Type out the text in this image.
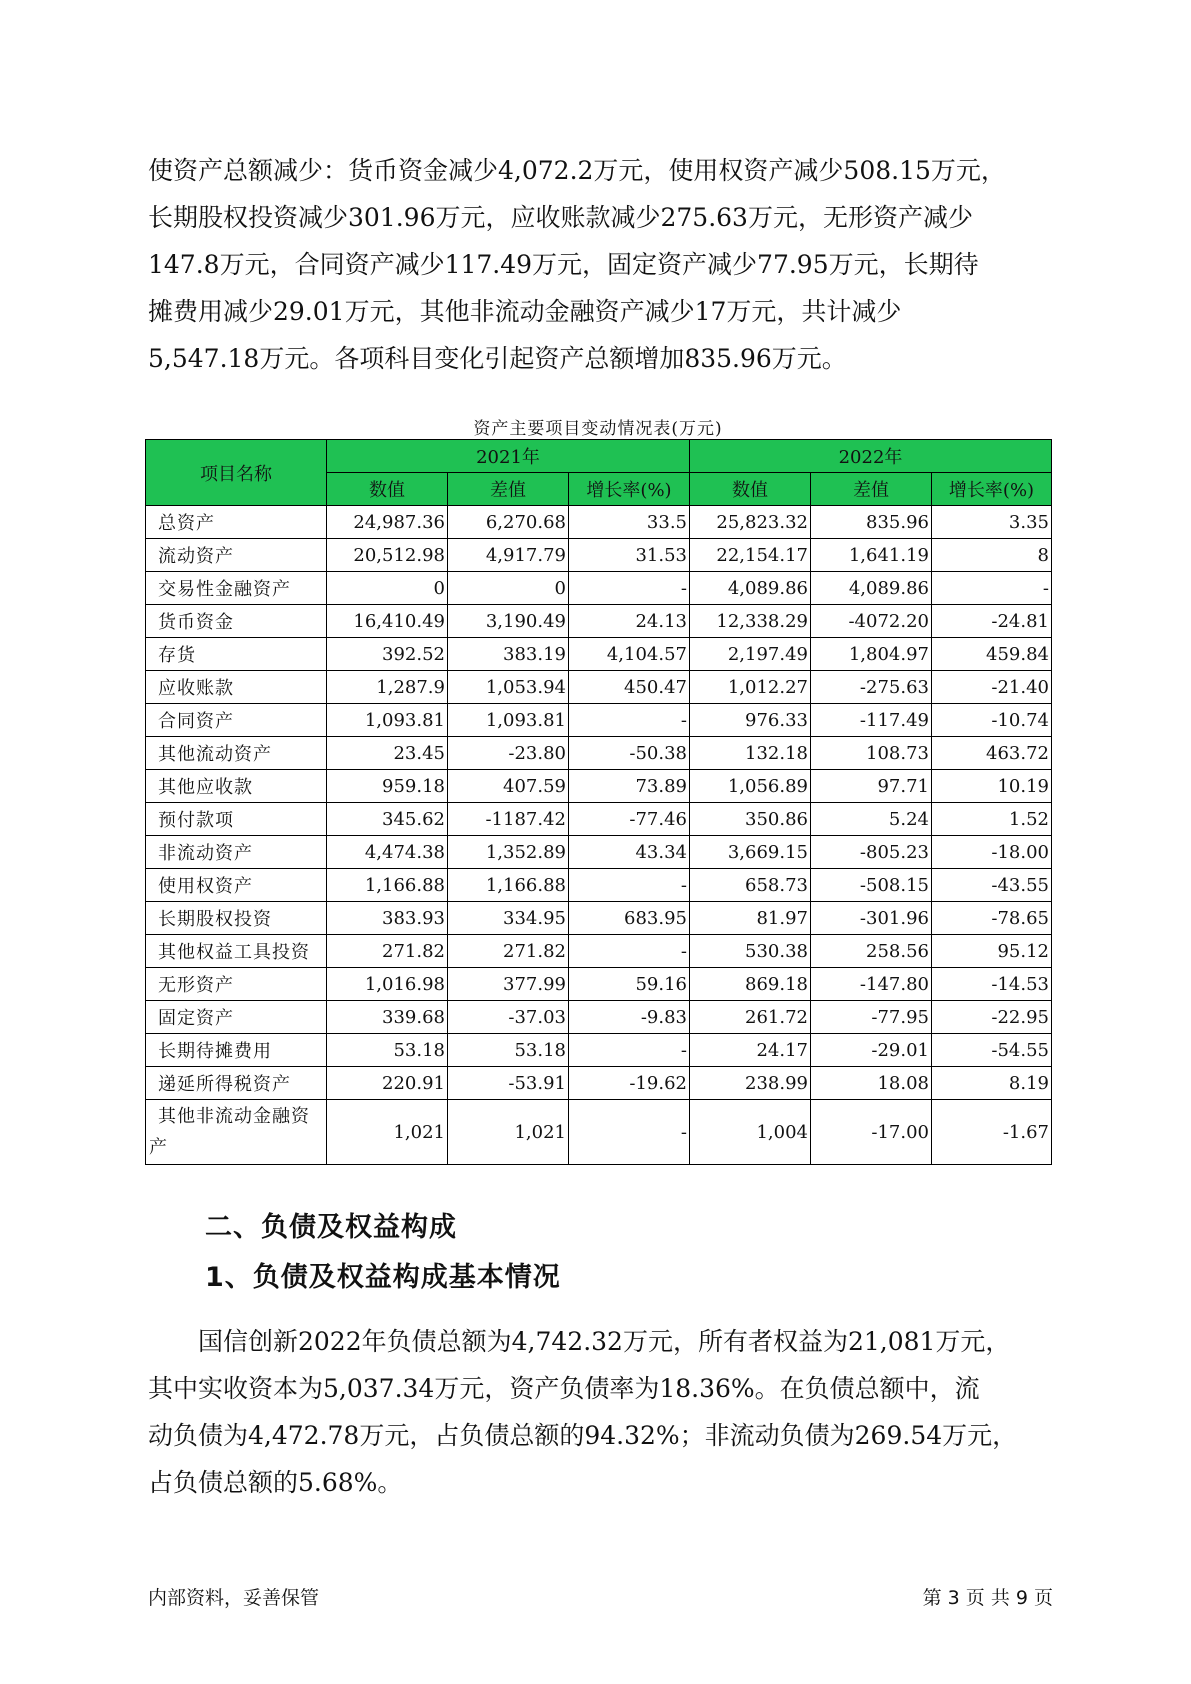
使资产总额减少：货币资金减少4,072.2万元，使用权资产减少508.15万元，

长期股权投资减少301.96万元，应收账款减少275.63万元，无形资产减少

147.8万元，合同资产减少117.49万元，固定资产减少77.95万元，长期待

摊费用减少29.01万元，其他非流动金融资产减少17万元，共计减少

5,547.18万元。各项科目变化引起资产总额增加835.96万元。

资产主要项目变动情况表(万元)
项目名称	2021年			2022年		
	数值	差值	增长率(%)	数值	差值	增长率(%)
总资产	24,987.36	6,270.68	33.5	25,823.32	835.96	3.35
流动资产	20,512.98	4,917.79	31.53	22,154.17	1,641.19	8
交易性金融资产	0	0	-	4,089.86	4,089.86	-
货币资金	16,410.49	3,190.49	24.13	12,338.29	-4072.20	-24.81
存货	392.52	383.19	4,104.57	2,197.49	1,804.97	459.84
应收账款	1,287.9	1,053.94	450.47	1,012.27	-275.63	-21.40
合同资产	1,093.81	1,093.81	-	976.33	-117.49	-10.74
其他流动资产	23.45	-23.80	-50.38	132.18	108.73	463.72
其他应收款	959.18	407.59	73.89	1,056.89	97.71	10.19
预付款项	345.62	-1187.42	-77.46	350.86	5.24	1.52
非流动资产	4,474.38	1,352.89	43.34	3,669.15	-805.23	-18.00
使用权资产	1,166.88	1,166.88	-	658.73	-508.15	-43.55
长期股权投资	383.93	334.95	683.95	81.97	-301.96	-78.65
其他权益工具投资	271.82	271.82	-	530.38	258.56	95.12
无形资产	1,016.98	377.99	59.16	869.18	-147.80	-14.53
固定资产	339.68	-37.03	-9.83	261.72	-77.95	-22.95
长期待摊费用	53.18	53.18	-	24.17	-29.01	-54.55
递延所得税资产	220.91	-53.91	-19.62	238.99	18.08	8.19

其他非流动金融资
产	1,021	1,021	-	1,004	-17.00	-1.67
二、负债及权益构成
1、负债及权益构成基本情况

　　国信创新2022年负债总额为4,742.32万元，所有者权益为21,081万元，

其中实收资本为5,037.34万元，资产负债率为18.36%。在负债总额中，流

动负债为4,472.78万元，占负债总额的94.32%；非流动负债为269.54万元，

占负债总额的5.68%。

内部资料，妥善保管	第 3 页 共 9 页
